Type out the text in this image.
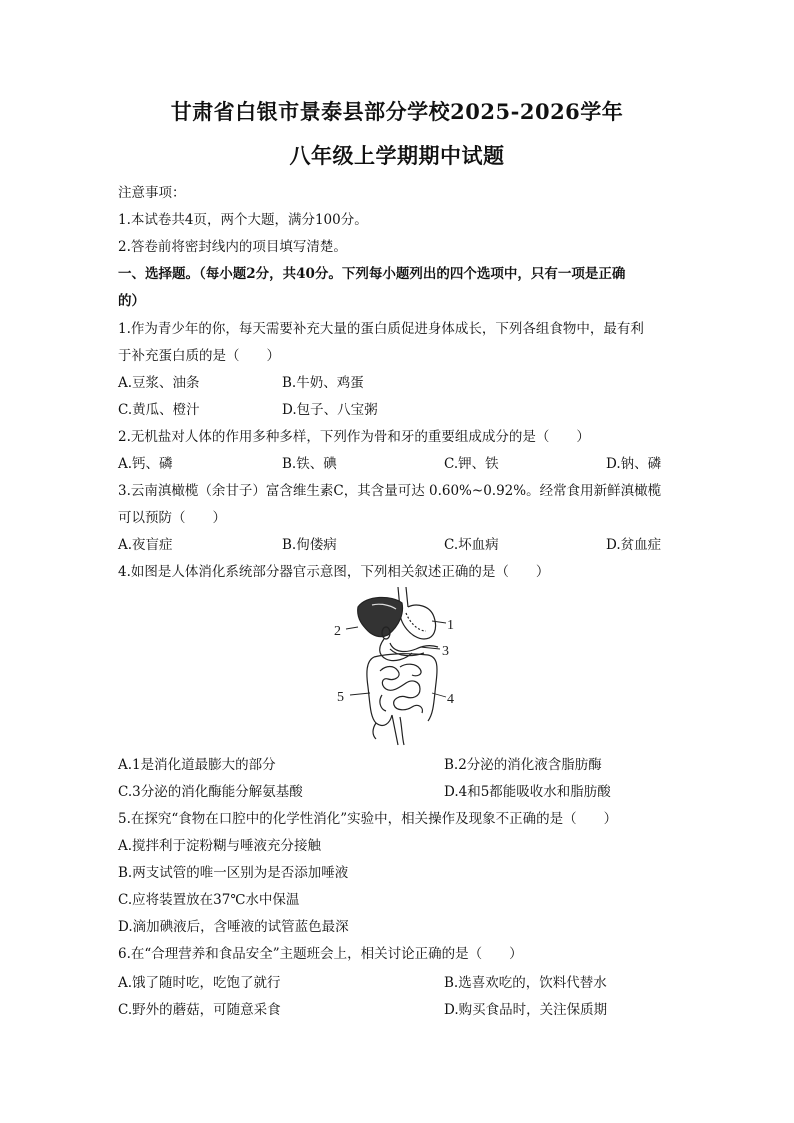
甘肃省白银市景泰县部分学校2025-2026学年
八年级上学期期中试题
注意事项：
1.本试卷共4页，两个大题，满分100分。
2.答卷前将密封线内的项目填写清楚。
一、选择题。（每小题2分，共40分。下列每小题列出的四个选项中，只有一项是正确
的）
1.作为青少年的你，每天需要补充大量的蛋白质促进身体成长，下列各组食物中，最有利
于补充蛋白质的是（　　）
A.豆浆、油条	B.牛奶、鸡蛋
C.黄瓜、橙汁	D.包子、八宝粥
2.无机盐对人体的作用多种多样，下列作为骨和牙的重要组成成分的是（　　）
A.钙、磷	B.铁、碘	C.钾、铁	D.钠、磷
3.云南滇橄榄（余甘子）富含维生素C，其含量可达 0.60%~0.92%。经常食用新鲜滇橄榄
可以预防（　　）
A.夜盲症	B.佝偻病	C.坏血病	D.贫血症
4.如图是人体消化系统部分器官示意图，下列相关叙述正确的是（　　）
1
2
3
4
5
A.1是消化道最膨大的部分	B.2分泌的消化液含脂肪酶
C.3分泌的消化酶能分解氨基酸	D.4和5都能吸收水和脂肪酸
5.在探究“食物在口腔中的化学性消化”实验中，相关操作及现象不正确的是（　　）
A.搅拌利于淀粉糊与唾液充分接触
B.两支试管的唯一区别为是否添加唾液
C.应将装置放在37℃水中保温
D.滴加碘液后，含唾液的试管蓝色最深
6.在“合理营养和食品安全”主题班会上，相关讨论正确的是（　　）
A.饿了随时吃，吃饱了就行	B.选喜欢吃的，饮料代替水
C.野外的蘑菇，可随意采食	D.购买食品时，关注保质期
